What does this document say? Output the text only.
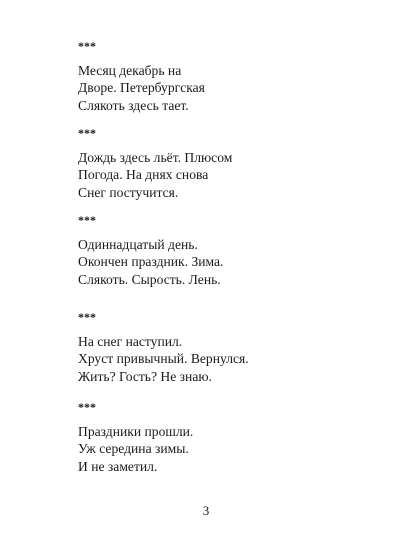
***

Месяц декабрь на

Дворе. Петербургская

Слякоть здесь тает.

***

Дождь здесь льёт. Плюсом

Погода. На днях снова

Снег постучится.

***

Одиннадцатый день.

Окончен праздник. Зима.

Слякоть. Сырость. Лень.

***

На снег наступил.

Хруст привычный. Вернулся.

Жить? Гость? Не знаю.

***

Праздники прошли.

Уж середина зимы.

И не заметил.

3
